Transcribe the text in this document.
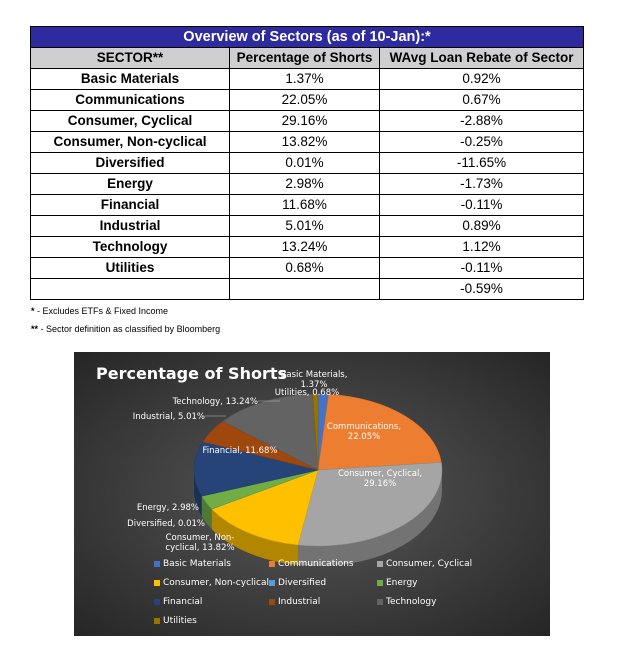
Overview of Sectors (as of 10-Jan):*		
SECTOR**	Percentage of Shorts	WAvg Loan Rebate of Sector
Basic Materials	1.37%	0.92%
Communications	22.05%	0.67%
Consumer, Cyclical	29.16%	-2.88%
Consumer, Non-cyclical	13.82%	-0.25%
Diversified	0.01%	-11.65%
Energy	2.98%	-1.73%
Financial	11.68%	-0.11%
Industrial	5.01%	0.89%
Technology	13.24%	1.12%
Utilities	0.68%	-0.11%
		-0.59%
* - Excludes ETFs & Fixed Income
** - Sector definition as classified by Bloomberg
Basic Materials,
1.37%
Communications,
22.05%
Consumer, Cyclical,
29.16%
Consumer, Non-
cyclical, 13.82%
Diversified, 0.01%
Energy, 2.98%
Financial, 11.68%
Industrial, 5.01%
Technology, 13.24%
Utilities, 0.68%
Percentage of Shorts
Basic Materials	Communications	Consumer, Cyclical
Consumer, Non-cyclical	Diversified	Energy
Financial	Industrial	Technology
Utilities
